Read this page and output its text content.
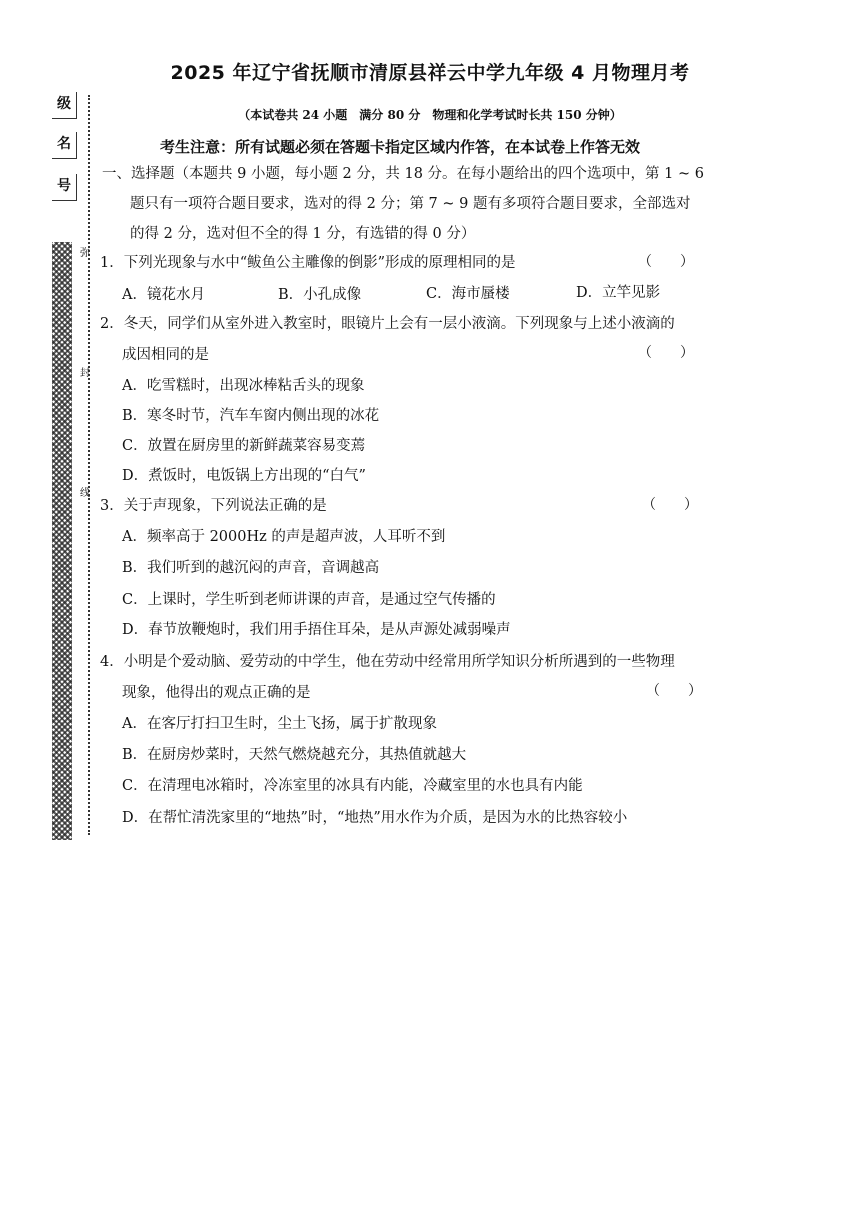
级
名
号
弥
封
线
2025 年辽宁省抚顺市清原县祥云中学九年级 4 月物理月考
（本试卷共 24 小题　满分 80 分　物理和化学考试时长共 150 分钟）
考生注意：所有试题必须在答题卡指定区域内作答，在本试卷上作答无效
一、选择题（本题共 9 小题，每小题 2 分，共 18 分。在每小题给出的四个选项中，第 1 ~ 6
题只有一项符合题目要求，选对的得 2 分；第 7 ~ 9 题有多项符合题目要求，全部选对
的得 2 分，选对但不全的得 1 分，有选错的得 0 分）
1．下列光现象与水中“鲅鱼公主雕像的倒影”形成的原理相同的是	（　　）
A．镜花水月	B．小孔成像	C．海市蜃楼	D．立竿见影
2．冬天，同学们从室外进入教室时，眼镜片上会有一层小液滴。下列现象与上述小液滴的
成因相同的是	（　　）
A．吃雪糕时，出现冰棒粘舌头的现象
B．寒冬时节，汽车车窗内侧出现的冰花
C．放置在厨房里的新鲜蔬菜容易变蔫
D．煮饭时，电饭锅上方出现的“白气”
3．关于声现象，下列说法正确的是	（　　）
A．频率高于 2000Hz 的声是超声波，人耳听不到
B．我们听到的越沉闷的声音，音调越高
C．上课时，学生听到老师讲课的声音，是通过空气传播的
D．春节放鞭炮时，我们用手捂住耳朵，是从声源处减弱噪声
4．小明是个爱动脑、爱劳动的中学生，他在劳动中经常用所学知识分析所遇到的一些物理
现象，他得出的观点正确的是	（　　）
A．在客厅打扫卫生时，尘土飞扬，属于扩散现象
B．在厨房炒菜时，天然气燃烧越充分，其热值就越大
C．在清理电冰箱时，冷冻室里的冰具有内能，冷藏室里的水也具有内能
D．在帮忙清洗家里的“地热”时，“地热”用水作为介质，是因为水的比热容较小
